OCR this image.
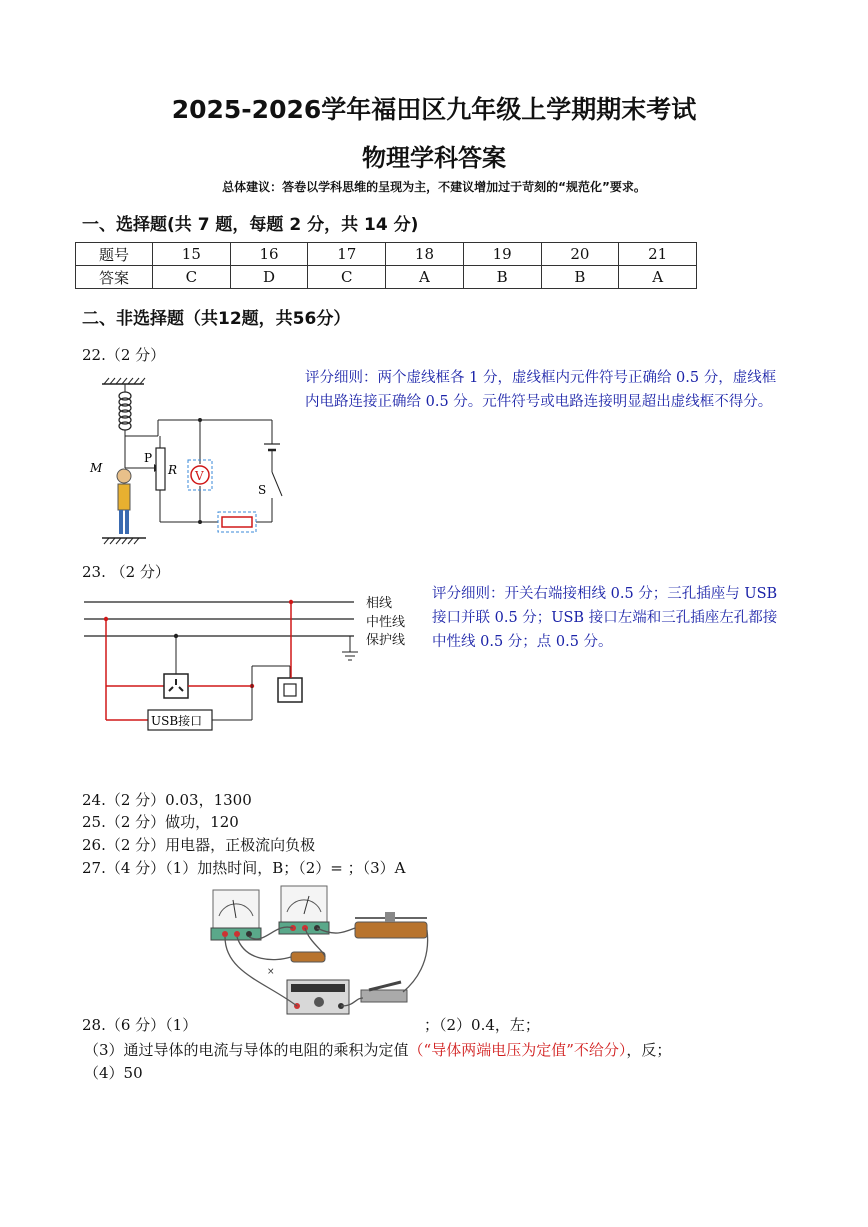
2025-2026学年福田区九年级上学期期末考试
物理学科答案
总体建议：答卷以学科思维的呈现为主，不建议增加过于苛刻的“规范化”要求。
一、选择题(共 7 题，每题 2 分，共 14 分)
题号	15	16	17	18	19	20	21
答案	C	D	C	A	B	B	A
二、非选择题（共12题，共56分）
22.（2 分）
M
P
R V
S
评分细则：两个虚线框各 1 分，虚线框内元件符号正确给 0.5 分，虚线框内电路连接正确给 0.5 分。元件符号或电路连接明显超出虚线框不得分。
23. （2 分）
USB接口
相线
中性线
保护线
评分细则：开关右端接相线 0.5 分；三孔插座与 USB 接口并联 0.5 分；USB 接口左端和三孔插座左孔都接中性线 0.5 分；点 0.5 分。
24.（2 分）0.03，1300
25.（2 分）做功，120
26.（2 分）用电器，正极流向负极
27.（4 分）（1）加热时间，B；（2）= ；（3）A
×
28.（6 分）（1）	；（2）0.4，左；
（3）通过导体的电流与导体的电阻的乘积为定值（“导体两端电压为定值”不给分），反；
（4）50
